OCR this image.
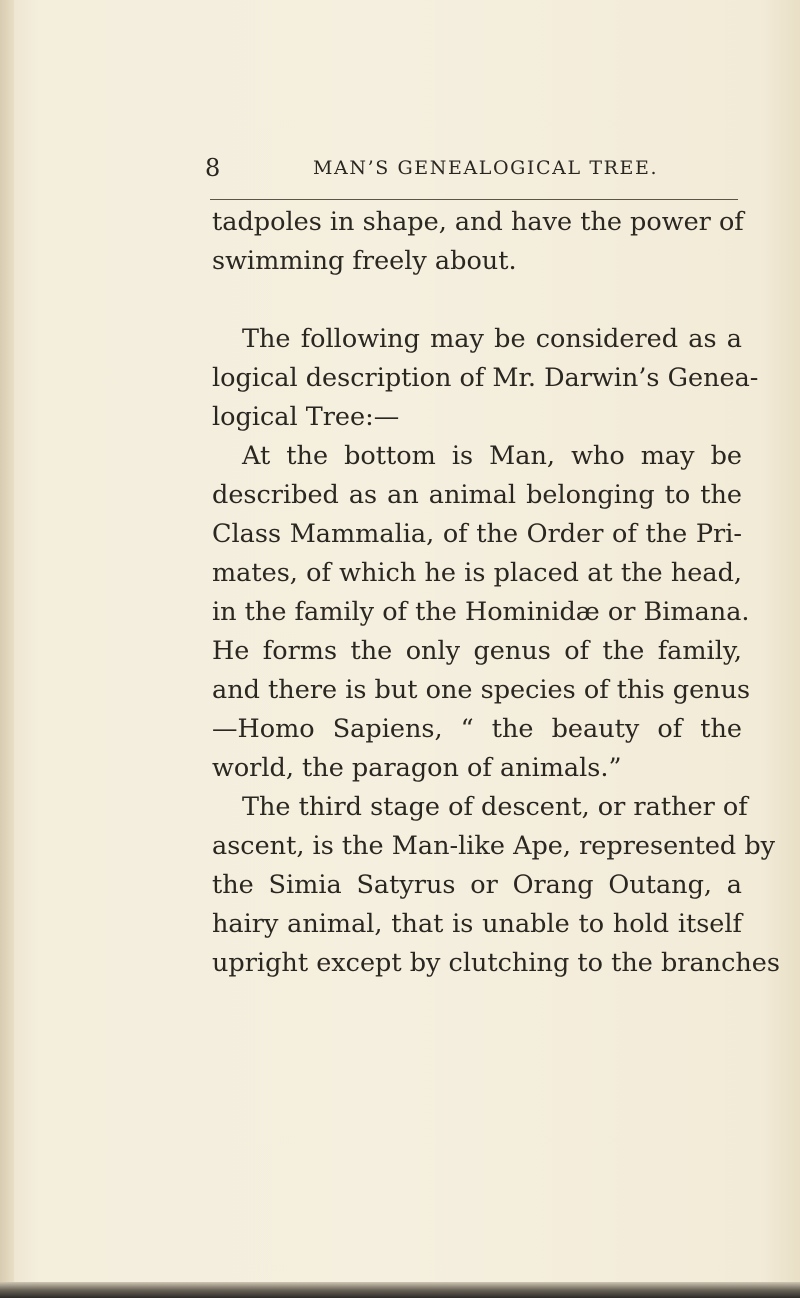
8	MAN’S GENEALOGICAL TREE.
tadpoles in shape, and have the power of
swimming freely about.
The following may be considered as a
logical description of Mr. Darwin’s Genea-
logical Tree:—
At the bottom is Man, who may be
described as an animal belonging to the
Class Mammalia, of the Order of the Pri-
mates, of which he is placed at the head,
in the family of the Hominidæ or Bimana.
He forms the only genus of the family,
and there is but one species of this genus
—Homo Sapiens, “ the beauty of the
world, the paragon of animals.”
The third stage of descent, or rather of
ascent, is the Man-like Ape, represented by
the Simia Satyrus or Orang Outang, a
hairy animal, that is unable to hold itself
upright except by clutching to the branches
